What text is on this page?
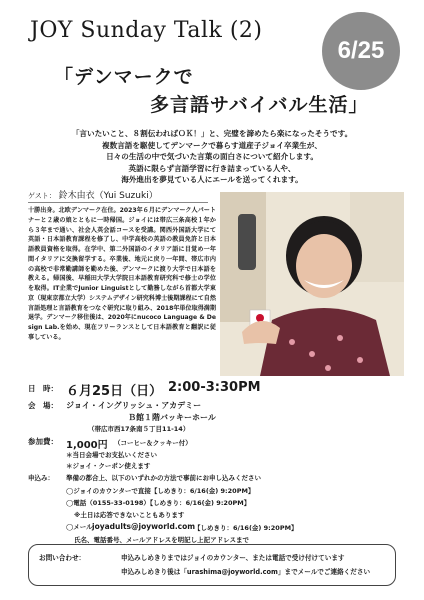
JOY Sunday Talk (2)
6/25
「デンマークで
多言語サバイバル生活」
「言いたいこと、８割伝わればＯＫ！」と、完璧を諦めたら楽になったそうです。
複数言語を駆使してデンマークで暮らす道産子ジョイ卒業生が、
日々の生活の中で気づいた言葉の面白さについて紹介します。
英語に限らず言語学習に行き詰まっている人や、
海外進出を夢見ている人にエールを送ってくれます。
ゲスト： 鈴木由衣（Yui Suzuki）
十勝出身。北欧デンマーク在住。2023年６月にデンマーク人パートナーと２歳の娘とともに一時帰国。ジョイには帯広三条高校１年から３年まで通い、社会人英会話コースを受講。関西外国語大学にて英語・日本語教育課程を修了し、中学高校の英語の教員免許と日本語教員資格を取得。在学中、第二外国語のイタリア語に目覚め一年間イタリアに交換留学する。卒業後、地元に戻り一年間、帯広市内の高校で非常勤講師を勤めた後、デンマークに渡り大学で日本語を教える。帰国後、早稲田大学大学院日本語教育研究科で修士の学位を取得。IT企業でJunior Linguistとして勤務しながら首都大学東京（現東京都立大学）システムデザイン研究科博士後期課程にて自然言語処理と言語教育をつなぐ研究に取り組み、2018年単位取得満期退学。デンマーク移住後は、2020年にnucoco Language & Design Lab.を始め、現在フリーランスとして日本語教育と翻訳に従事している。
日　時： ６月25日（日） 2:00-3:30PM
会　場：	ジョイ・イングリッシュ・アカデミー
Ｂ館１階バッキーホール
（帯広市西17条南５丁目11-14）
参加費： 1,000円 （コーヒー＆クッキー付）
＊当日会場でお支払いください
＊ジョイ・クーポン使えます
申込み：	準備の都合上、以下のいずれかの方法で事前にお申し込みください
◯ジョイのカウンターで直接【しめきり：6/16(金) 9:20PM】
◯電話（0155-33-0198）【しめきり：6/16(金) 9:20PM】
※土日は応答できないこともあります
◯メール joyadults@joyworld.com
【しめきり：6/16(金) 9:20PM】
氏名、電話番号、メールアドレスを明記し上記アドレスまで
お問い合わせ：	申込みしめきりまではジョイのカウンター、または電話で受け付けています
申込みしめきり後は「urashima@joyworld.com」までメールでご連絡ください
